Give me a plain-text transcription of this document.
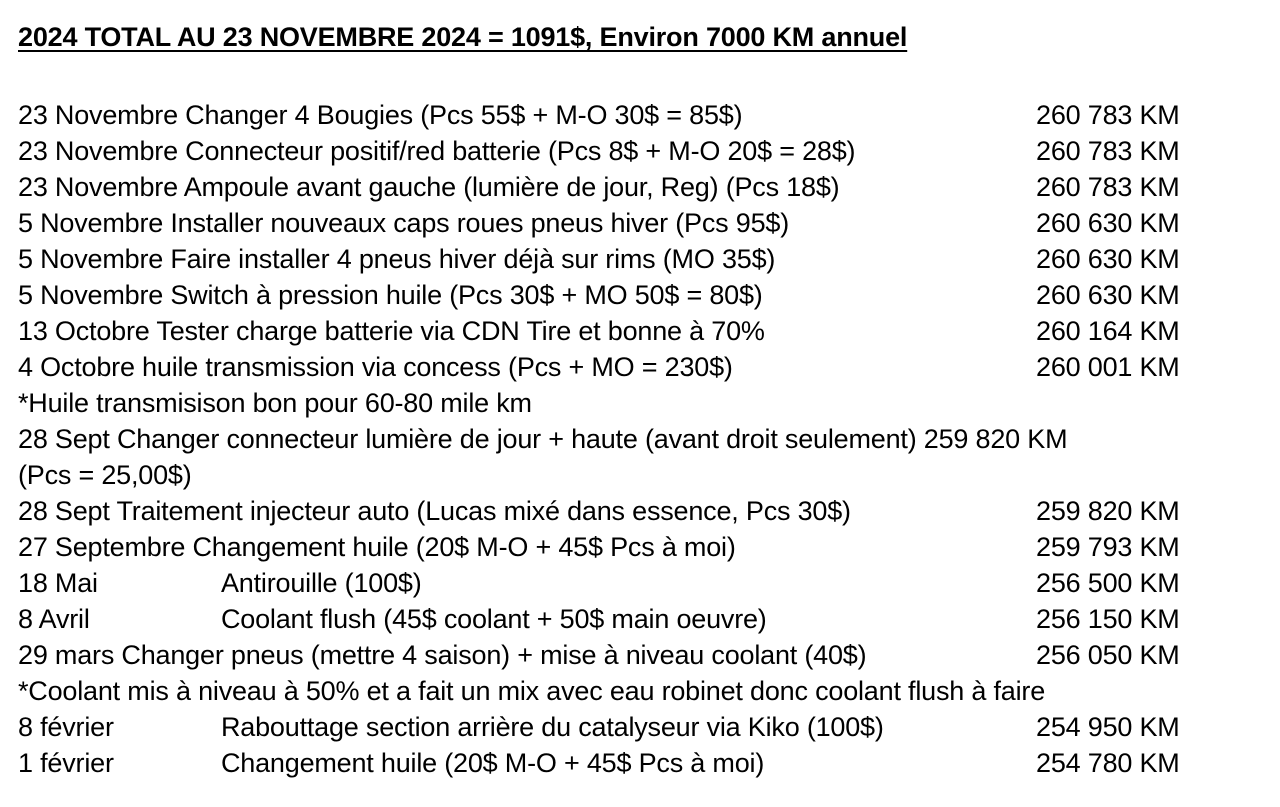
2024 TOTAL AU 23 NOVEMBRE 2024 = 1091$, Environ 7000 KM annuel
23 Novembre Changer 4 Bougies (Pcs 55$ + M-O 30$ = 85$)	260 783 KM
23 Novembre Connecteur positif/red batterie (Pcs 8$ + M-O 20$ = 28$)	260 783 KM
23 Novembre Ampoule avant gauche (lumière de jour, Reg) (Pcs 18$)	260 783 KM
5 Novembre Installer nouveaux caps roues pneus hiver (Pcs 95$)	260 630 KM
5 Novembre Faire installer 4 pneus hiver déjà sur rims (MO 35$)	260 630 KM
5 Novembre Switch à pression huile (Pcs 30$ + MO 50$ = 80$)	260 630 KM
13 Octobre Tester charge batterie via CDN Tire et bonne à 70%	260 164 KM
4 Octobre huile transmission via concess (Pcs + MO = 230$)	260 001 KM
*Huile transmisison bon pour 60-80 mile km
28 Sept Changer connecteur lumière de jour + haute (avant droit seulement) 259 820 KM
(Pcs = 25,00$)
28 Sept Traitement injecteur auto (Lucas mixé dans essence, Pcs 30$)	259 820 KM
27 Septembre Changement huile (20$ M-O + 45$ Pcs à moi)	259 793 KM
18 Mai	Antirouille (100$)	256 500 KM
8 Avril	Coolant flush (45$ coolant + 50$ main oeuvre)	256 150 KM
29 mars Changer pneus (mettre 4 saison) + mise à niveau coolant (40$)	256 050 KM
*Coolant mis à niveau à 50% et a fait un mix avec eau robinet donc coolant flush à faire
8 février	Rabouttage section arrière du catalyseur via Kiko (100$)	254 950 KM
1 février	Changement huile (20$ M-O + 45$ Pcs à moi)	254 780 KM
